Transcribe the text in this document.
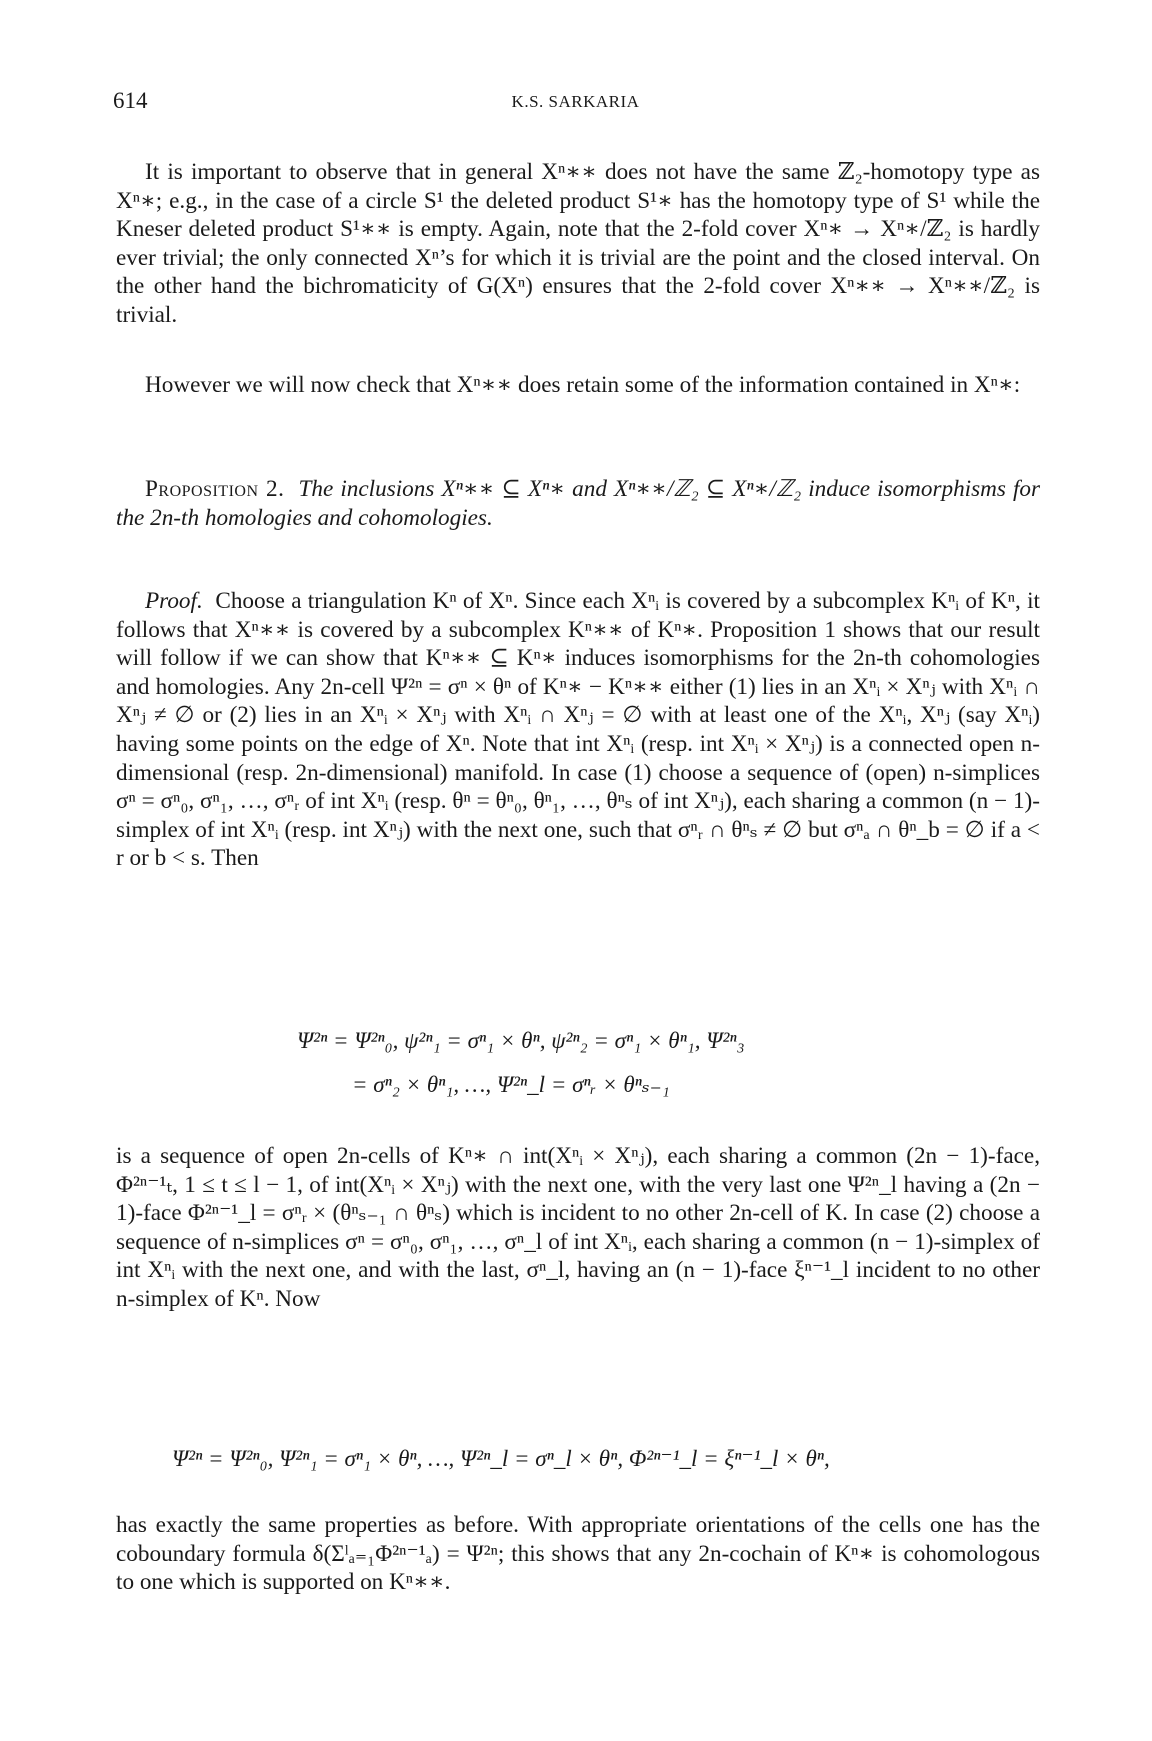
614	K.S. SARKARIA

It is important to observe that in general Xⁿ∗∗ does not have the same ℤ₂-homotopy type as Xⁿ∗; e.g., in the case of a circle S¹ the deleted product S¹∗ has the homotopy type of S¹ while the Kneser deleted product S¹∗∗ is empty. Again, note that the 2-fold cover Xⁿ∗ → Xⁿ∗/ℤ₂ is hardly ever trivial; the only connected Xⁿ’s for which it is trivial are the point and the closed interval. On the other hand the bichromaticity of G(Xⁿ) ensures that the 2-fold cover Xⁿ∗∗ → Xⁿ∗∗/ℤ₂ is trivial.

However we will now check that Xⁿ∗∗ does retain some of the information contained in Xⁿ∗:

Proposition 2. The inclusions Xⁿ∗∗ ⊆ Xⁿ∗ and Xⁿ∗∗/ℤ₂ ⊆ Xⁿ∗/ℤ₂ induce isomorphisms for the 2n-th homologies and cohomologies.

Proof. Choose a triangulation Kⁿ of Xⁿ. Since each Xⁿᵢ is covered by a subcomplex Kⁿᵢ of Kⁿ, it follows that Xⁿ∗∗ is covered by a subcomplex Kⁿ∗∗ of Kⁿ∗. Proposition 1 shows that our result will follow if we can show that Kⁿ∗∗ ⊆ Kⁿ∗ induces isomorphisms for the 2n-th cohomologies and homologies. Any 2n-cell Ψ²ⁿ = σⁿ × θⁿ of Kⁿ∗ − Kⁿ∗∗ either (1) lies in an Xⁿᵢ × Xⁿⱼ with Xⁿᵢ ∩ Xⁿⱼ ≠ ∅ or (2) lies in an Xⁿᵢ × Xⁿⱼ with Xⁿᵢ ∩ Xⁿⱼ = ∅ with at least one of the Xⁿᵢ, Xⁿⱼ (say Xⁿᵢ) having some points on the edge of Xⁿ. Note that int Xⁿᵢ (resp. int Xⁿᵢ × Xⁿⱼ) is a connected open n-dimensional (resp. 2n-dimensional) manifold. In case (1) choose a sequence of (open) n-simplices σⁿ = σⁿ₀, σⁿ₁, …, σⁿᵣ of int Xⁿᵢ (resp. θⁿ = θⁿ₀, θⁿ₁, …, θⁿₛ of int Xⁿⱼ), each sharing a common (n − 1)-simplex of int Xⁿᵢ (resp. int Xⁿⱼ) with the next one, such that σⁿᵣ ∩ θⁿₛ ≠ ∅ but σⁿₐ ∩ θⁿ_b = ∅ if a < r or b < s. Then

Ψ²ⁿ = Ψ²ⁿ₀, ψ²ⁿ₁ = σⁿ₁ × θⁿ, ψ²ⁿ₂ = σⁿ₁ × θⁿ₁, Ψ²ⁿ₃
= σⁿ₂ × θⁿ₁, …, Ψ²ⁿ_l = σⁿᵣ × θⁿₛ₋₁

is a sequence of open 2n-cells of Kⁿ∗ ∩ int(Xⁿᵢ × Xⁿⱼ), each sharing a common (2n − 1)-face, Φ²ⁿ⁻¹ₜ, 1 ≤ t ≤ l − 1, of int(Xⁿᵢ × Xⁿⱼ) with the next one, with the very last one Ψ²ⁿ_l having a (2n − 1)-face Φ²ⁿ⁻¹_l = σⁿᵣ × (θⁿₛ₋₁ ∩ θⁿₛ) which is incident to no other 2n-cell of K. In case (2) choose a sequence of n-simplices σⁿ = σⁿ₀, σⁿ₁, …, σⁿ_l of int Xⁿᵢ, each sharing a common (n − 1)-simplex of int Xⁿᵢ with the next one, and with the last, σⁿ_l, having an (n − 1)-face ξⁿ⁻¹_l incident to no other n-simplex of Kⁿ. Now

Ψ²ⁿ = Ψ²ⁿ₀, Ψ²ⁿ₁ = σⁿ₁ × θⁿ, …, Ψ²ⁿ_l = σⁿ_l × θⁿ, Φ²ⁿ⁻¹_l = ξⁿ⁻¹_l × θⁿ,

has exactly the same properties as before. With appropriate orientations of the cells one has the coboundary formula δ(Σˡₐ₌₁Φ²ⁿ⁻¹ₐ) = Ψ²ⁿ; this shows that any 2n-cochain of Kⁿ∗ is cohomologous to one which is supported on Kⁿ∗∗.
